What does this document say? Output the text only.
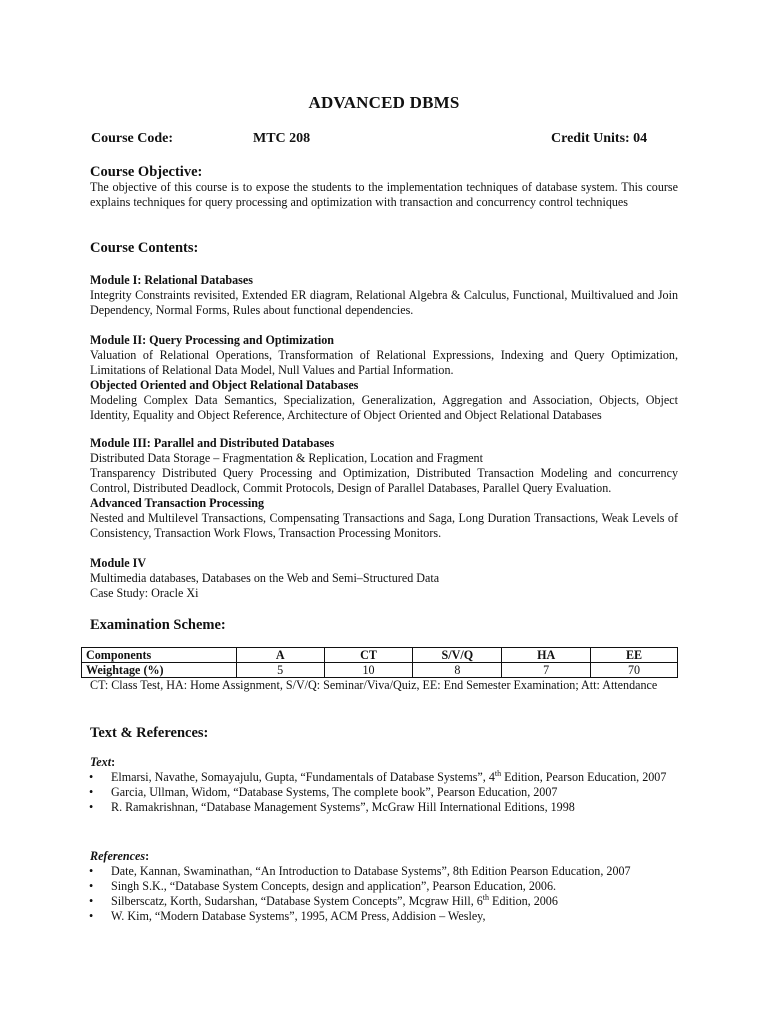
ADVANCED DBMS
Course Code:	MTC 208	Credit Units: 04
Course Objective:
The objective of this course is to expose the students to the implementation techniques of database system. This course explains techniques for query processing and optimization with transaction and concurrency control techniques
Course Contents:
Module I: Relational Databases
Integrity Constraints revisited, Extended ER diagram, Relational Algebra & Calculus, Functional, Muiltivalued and Join Dependency, Normal Forms, Rules about functional dependencies.
Module II: Query Processing and Optimization
Valuation of Relational Operations, Transformation of Relational Expressions, Indexing and Query Optimization, Limitations of Relational Data Model, Null Values and Partial Information.
Objected Oriented and Object Relational Databases
Modeling Complex Data Semantics, Specialization, Generalization, Aggregation and Association, Objects, Object Identity, Equality and Object Reference, Architecture of Object Oriented and Object Relational Databases
Module III: Parallel and Distributed Databases
Distributed Data Storage – Fragmentation & Replication, Location and Fragment
Transparency Distributed Query Processing and Optimization, Distributed Transaction Modeling and concurrency Control, Distributed Deadlock, Commit Protocols, Design of Parallel Databases, Parallel Query Evaluation.
Advanced Transaction Processing
Nested and Multilevel Transactions, Compensating Transactions and Saga, Long Duration Transactions, Weak Levels of Consistency, Transaction Work Flows, Transaction Processing Monitors.
Module IV
Multimedia databases, Databases on the Web and Semi–Structured Data
Case Study: Oracle Xi
Examination Scheme:
Components	A	CT	S/V/Q	HA	EE
Weightage (%)	5	10	8	7	70
CT: Class Test, HA: Home Assignment, S/V/Q: Seminar/Viva/Quiz, EE: End Semester Examination; Att: Attendance
Text & References:
Text:
• Elmarsi, Navathe, Somayajulu, Gupta, “Fundamentals of Database Systems”, 4th Edition, Pearson Education, 2007
• Garcia, Ullman, Widom, “Database Systems, The complete book”, Pearson Education, 2007
• R. Ramakrishnan, “Database Management Systems”, McGraw Hill International Editions, 1998
References:
• Date, Kannan, Swaminathan, “An Introduction to Database Systems”, 8th Edition Pearson Education, 2007
• Singh S.K., “Database System Concepts, design and application”, Pearson Education, 2006.
• Silberscatz, Korth, Sudarshan, “Database System Concepts”, Mcgraw Hill, 6th Edition, 2006
• W. Kim, “Modern Database Systems”, 1995, ACM Press, Addision – Wesley,
